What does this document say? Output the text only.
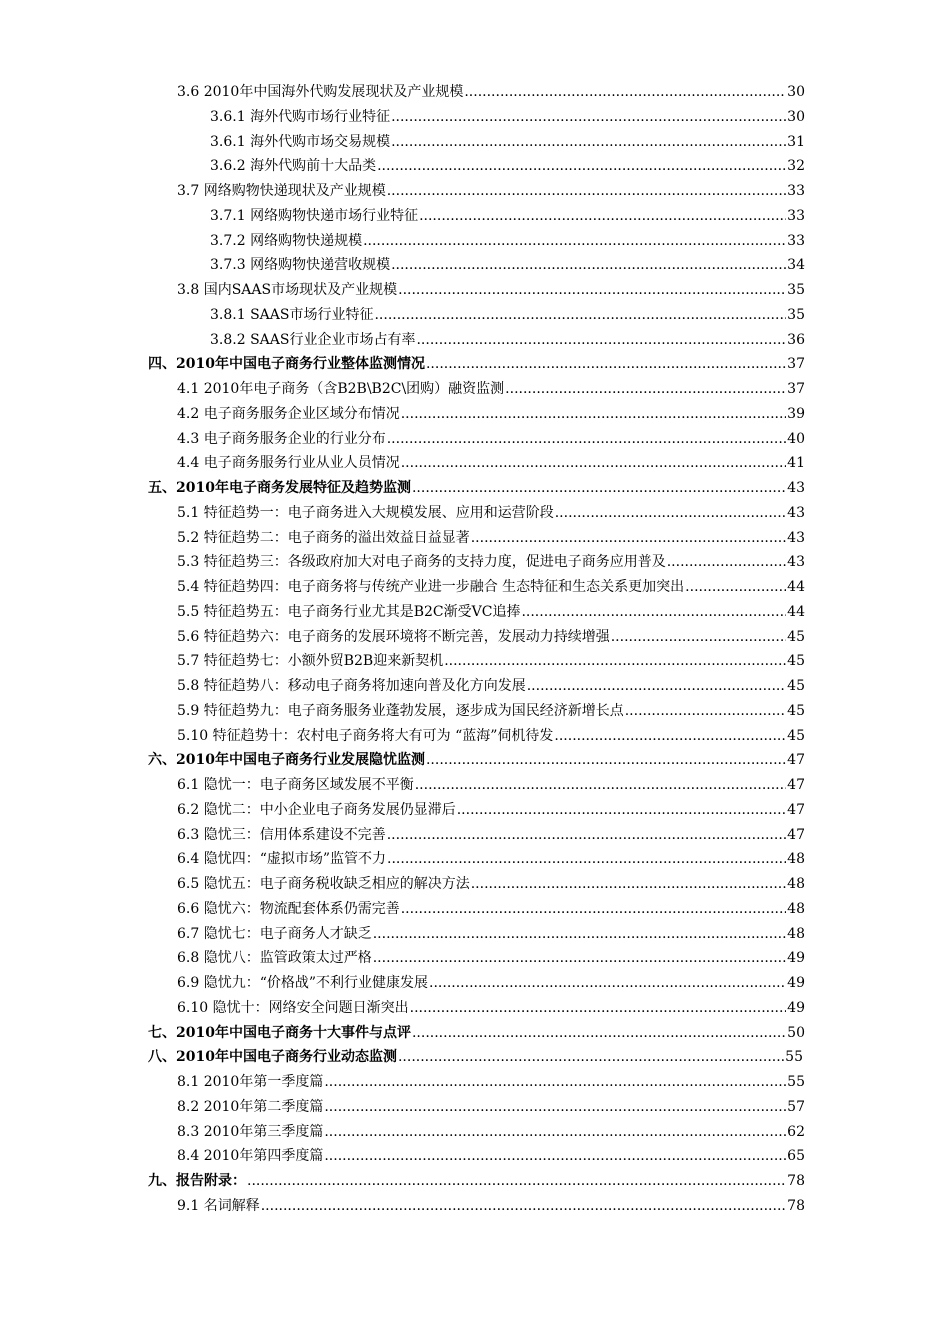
3.6 2010年中国海外代购发展现状及产业规模 .....	30
3.6.1 海外代购市场行业特征 .....	30
3.6.1 海外代购市场交易规模 .....	31
3.6.2 海外代购前十大品类 .....	32
3.7 网络购物快递现状及产业规模 .....	33
3.7.1 网络购物快递市场行业特征 .....	33
3.7.2 网络购物快递规模 .....	33
3.7.3 网络购物快递营收规模 .....	34
3.8 国内SAAS市场现状及产业规模 .....	35
3.8.1 SAAS市场行业特征 .....	35
3.8.2 SAAS行业企业市场占有率 .....	36
四、2010年中国电子商务行业整体监测情况 .....	37
4.1 2010年电子商务（含B2B\B2C\团购）融资监测 .....	37
4.2 电子商务服务企业区域分布情况 .....	39
4.3 电子商务服务企业的行业分布 .....	40
4.4 电子商务服务行业从业人员情况 .....	41
五、2010年电子商务发展特征及趋势监测 .....	43
5.1 特征趋势一：电子商务进入大规模发展、应用和运营阶段 .....	43
5.2 特征趋势二：电子商务的溢出效益日益显著 .....	43
5.3 特征趋势三：各级政府加大对电子商务的支持力度，促进电子商务应用普及 .....	43
5.4 特征趋势四：电子商务将与传统产业进一步融合 生态特征和生态关系更加突出 .....	44
5.5 特征趋势五：电子商务行业尤其是B2C渐受VC追捧 .....	44
5.6 特征趋势六：电子商务的发展环境将不断完善，发展动力持续增强 .....	45
5.7 特征趋势七：小额外贸B2B迎来新契机 .....	45
5.8 特征趋势八：移动电子商务将加速向普及化方向发展 .....	45
5.9 特征趋势九：电子商务服务业蓬勃发展，逐步成为国民经济新增长点 .....	45
5.10 特征趋势十：农村电子商务将大有可为 “蓝海”伺机待发 .....	45
六、2010年中国电子商务行业发展隐忧监测 .....	47
6.1 隐忧一：电子商务区域发展不平衡 .....	47
6.2 隐忧二：中小企业电子商务发展仍显滞后 .....	47
6.3 隐忧三：信用体系建设不完善 .....	47
6.4 隐忧四：“虚拟市场”监管不力 .....	48
6.5 隐忧五：电子商务税收缺乏相应的解决方法 .....	48
6.6 隐忧六：物流配套体系仍需完善 .....	48
6.7 隐忧七：电子商务人才缺乏 .....	48
6.8 隐忧八：监管政策太过严格 .....	49
6.9 隐忧九：“价格战”不利行业健康发展 .....	49
6.10 隐忧十：网络安全问题日渐突出 .....	49
七、2010年中国电子商务十大事件与点评 .....	50
八、2010年中国电子商务行业动态监测 .....	55
8.1 2010年第一季度篇 .....	55
8.2 2010年第二季度篇 .....	57
8.3 2010年第三季度篇 .....	62
8.4 2010年第四季度篇 .....	65
九、报告附录： .....	78
9.1 名词解释 .....	78
